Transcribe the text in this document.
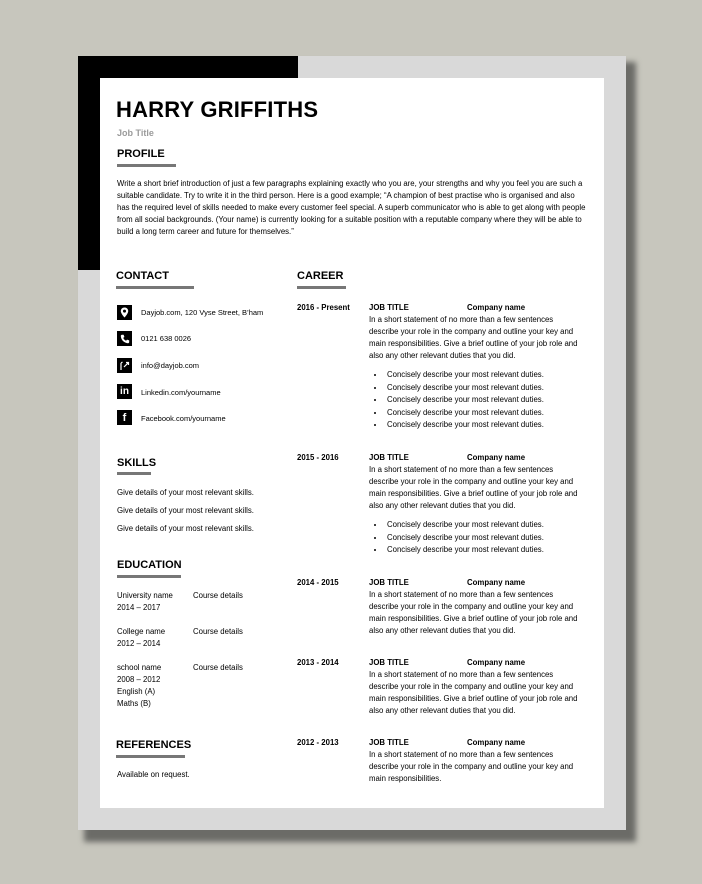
HARRY GRIFFITHS
Job Title
PROFILE
Write a short brief introduction of just a few paragraphs explaining exactly who you are, your strengths and why you feel you are such a suitable candidate. Try to write it in the third person. Here is a good example; “A champion of best practise who is organised and also has the required level of skills needed to make every customer feel special. A superb communicator who is able to get along with people from all social backgrounds. (Your name) is currently looking for a suitable position with a reputable company where they will be able to build a long term career and future for themselves.”
CONTACT
Dayjob.com, 120 Vyse Street, B’ham
0121 638 0026
info@dayjob.com
in	Linkedin.com/yourname
f	Facebook.com/yourname
SKILLS
Give details of your most relevant skills.
Give details of your most relevant skills.
Give details of your most relevant skills.
EDUCATION
University name	Course details
2014 – 2017
College name	Course details
2012 – 2014
school name	Course details
2008 – 2012
English (A)
Maths (B)
REFERENCES
Available on request.
CAREER
2016 - Present JOB TITLE	Company name
In a short statement of no more than a few sentences describe your role in the company and outline your key and main responsibilities. Give a brief outline of your job role and also any other relevant duties that you did.
• Concisely describe your most relevant duties.
• Concisely describe your most relevant duties.
• Concisely describe your most relevant duties.
• Concisely describe your most relevant duties.
• Concisely describe your most relevant duties.
2015 - 2016	JOB TITLE	Company name
In a short statement of no more than a few sentences describe your role in the company and outline your key and main responsibilities. Give a brief outline of your job role and also any other relevant duties that you did.
• Concisely describe your most relevant duties.
• Concisely describe your most relevant duties.
• Concisely describe your most relevant duties.
2014 - 2015	JOB TITLE	Company name
In a short statement of no more than a few sentences describe your role in the company and outline your key and main responsibilities. Give a brief outline of your job role and also any other relevant duties that you did.
2013 - 2014	JOB TITLE	Company name
In a short statement of no more than a few sentences describe your role in the company and outline your key and main responsibilities. Give a brief outline of your job role and also any other relevant duties that you did.
2012 - 2013	JOB TITLE	Company name
In a short statement of no more than a few sentences describe your role in the company and outline your key and main responsibilities.
